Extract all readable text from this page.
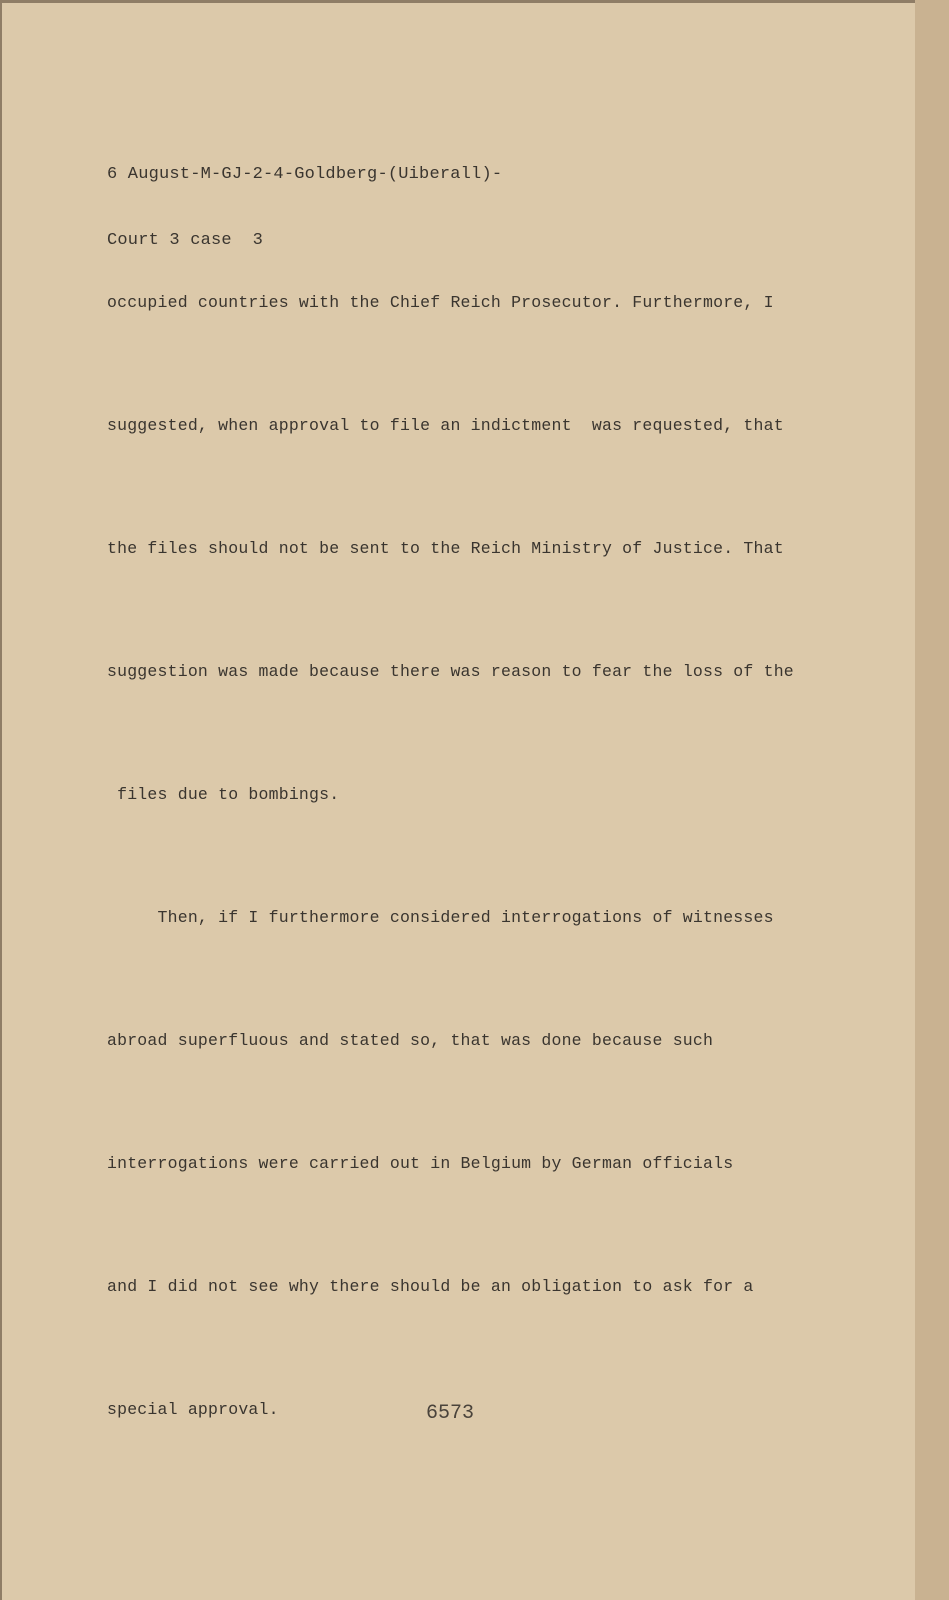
6 August-M-GJ-2-4-Goldberg-(Uiberall)-

Court 3 case  3

occupied countries with the Chief Reich Prosecutor. Furthermore, I

suggested, when approval to file an indictment  was requested, that

the files should not be sent to the Reich Ministry of Justice. That

suggestion was made because there was reason to fear the loss of the

files due to bombings.

Then, if I furthermore considered interrogations of witnesses

abroad superfluous and stated so, that was done because such

interrogations were carried out in Belgium by German officials

and I did not see why there should be an obligation to ask for a

special approval.

	6573
